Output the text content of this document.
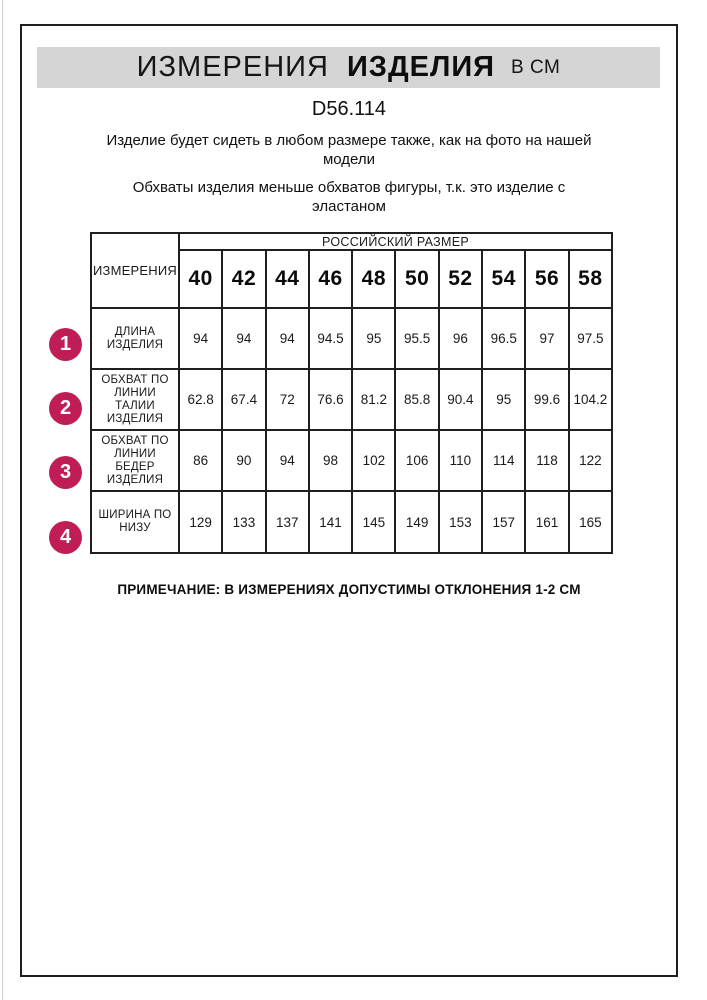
ИЗМЕРЕНИЯ ИЗДЕЛИЯ В СМ
D56.114
Изделие будет сидеть в любом размере также, как на фото на нашей модели
Обхваты изделия меньше обхватов фигуры, т.к. это изделие с эластаном
1
2
3
4
ИЗМЕРЕНИЯ	РОССИЙСКИЙ РАЗМЕР									
	40	42	44	46	48	50	52	54	56	58
ДЛИНА
ИЗДЕЛИЯ	94	94	94	94.5	95	95.5	96	96.5	97	97.5
ОБХВАТ ПО
ЛИНИИ
ТАЛИИ
ИЗДЕЛИЯ	62.8	67.4	72	76.6	81.2	85.8	90.4	95	99.6	104.2
ОБХВАТ ПО
ЛИНИИ
БЕДЕР
ИЗДЕЛИЯ	86	90	94	98	102	106	110	114	118	122
ШИРИНА ПО
НИЗУ	129	133	137	141	145	149	153	157	161	165
ПРИМЕЧАНИЕ: В ИЗМЕРЕНИЯХ ДОПУСТИМЫ ОТКЛОНЕНИЯ 1-2 СМ
